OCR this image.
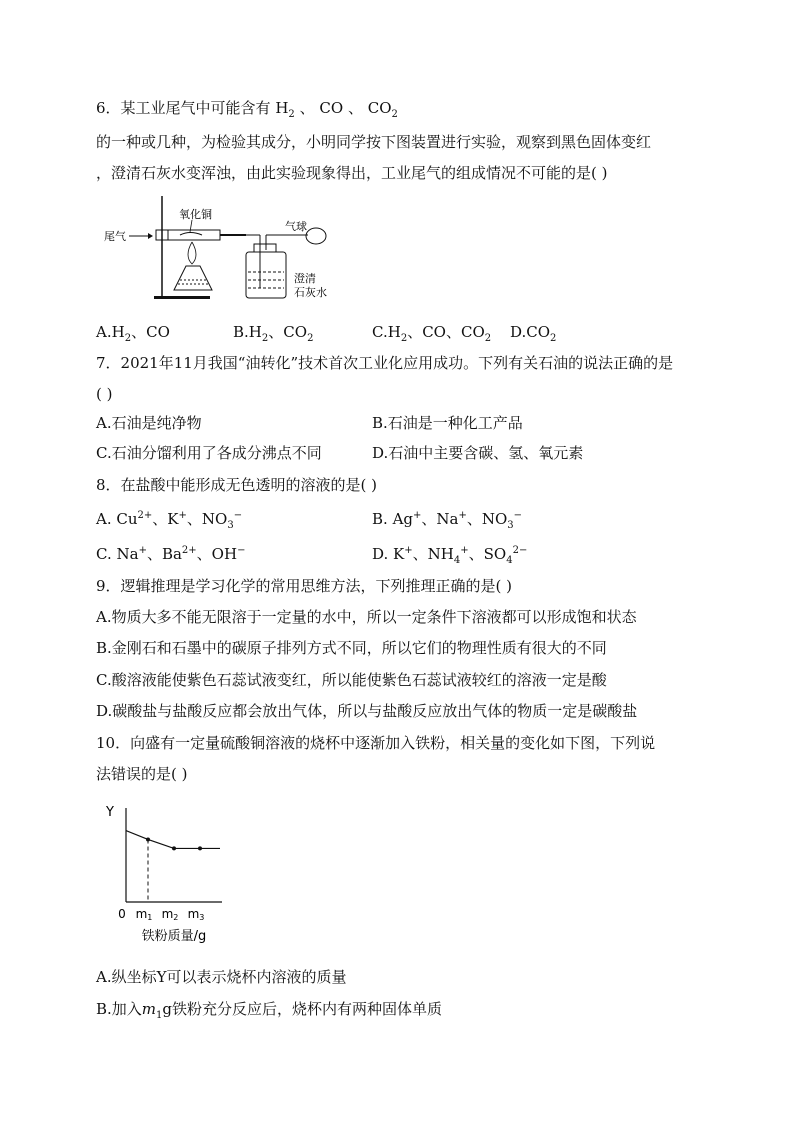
6．某工业尾气中可能含有 $H_2$ 、 CO 、 $CO_2$
的一种或几种，为检验其成分，小明同学按下图装置进行实验，观察到黑色固体变红
，澄清石灰水变浑浊，由此实验现象得出，工业尾气的组成情况不可能的是( )
尾气
氧化铜
气球
澄清
石灰水
$A.H_2$、CO	$B.H_2$、$CO_2$	$C.H_2$、CO、$CO_2$ $D.CO_2$
7．2021年11月我国“油转化”技术首次工业化应用成功。下列有关石油的说法正确的是
( )
A.石油是纯净物	B.石油是一种化工产品
C.石油分馏利用了各成分沸点不同	D.石油中主要含碳、氢、氧元素
8．在盐酸中能形成无色透明的溶液的是( )
A. $Cu^{2+}$、K+、$NO_3^-$	B. Ag+、Na+、$NO_3^-$
C. Na+、$Ba^{2+}$、OH−	D. K+、$NH_4^+$、$SO_4^{2-}$
9．逻辑推理是学习化学的常用思维方法，下列推理正确的是( )
A.物质大多不能无限溶于一定量的水中，所以一定条件下溶液都可以形成饱和状态
B.金刚石和石墨中的碳原子排列方式不同，所以它们的物理性质有很大的不同
C.酸溶液能使紫色石蕊试液变红，所以能使紫色石蕊试液较红的溶液一定是酸
D.碳酸盐与盐酸反应都会放出气体，所以与盐酸反应放出气体的物质一定是碳酸盐
10．向盛有一定量硫酸铜溶液的烧杯中逐渐加入铁粉，相关量的变化如下图，下列说
法错误的是( )
Y
铁粉质量/g
0 m1 m2 m3
A.纵坐标Y可以表示烧杯内溶液的质量
B.加入$m_1g$铁粉充分反应后，烧杯内有两种固体单质
